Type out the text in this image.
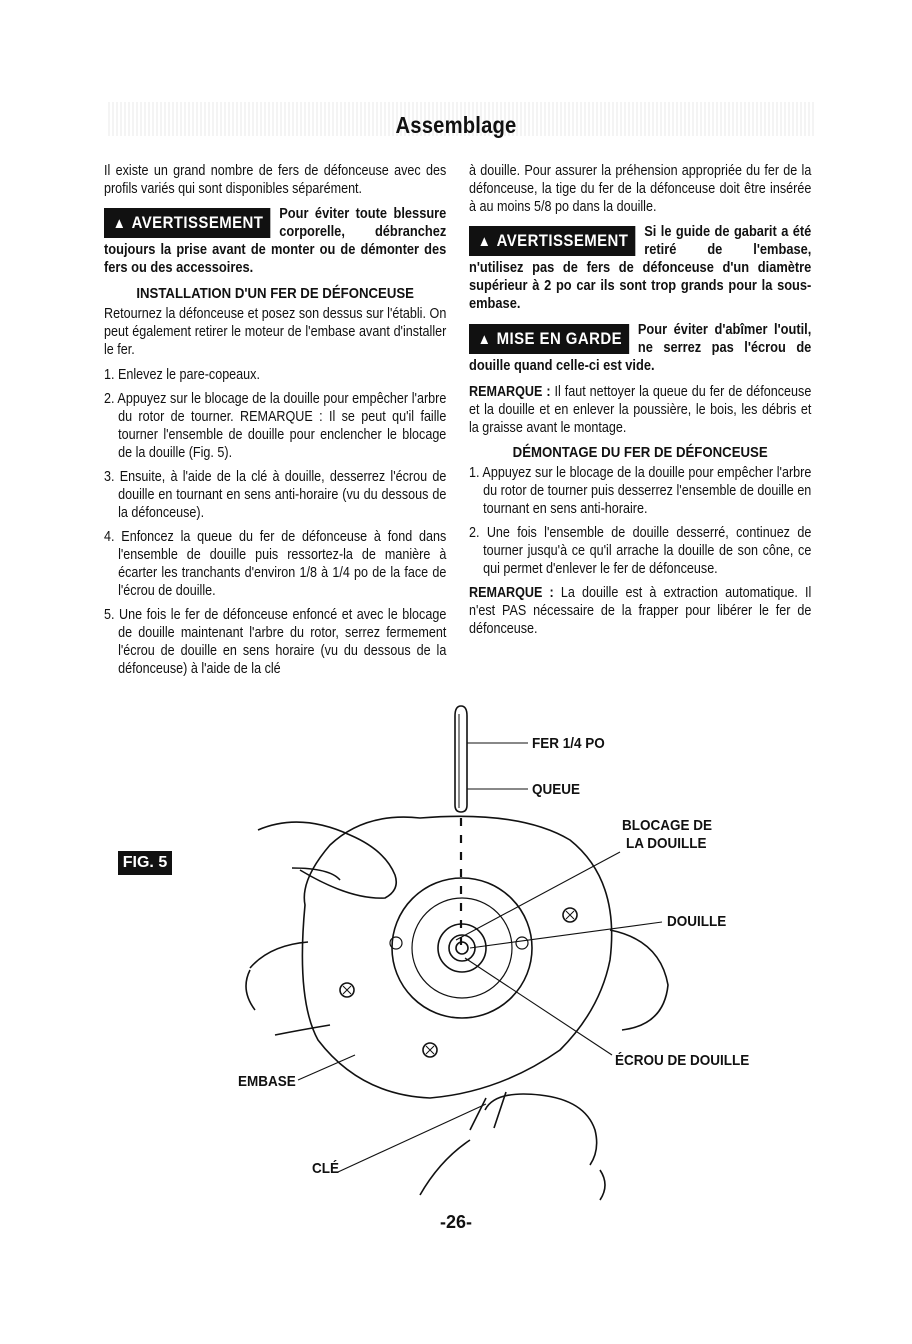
Assemblage

Il existe un grand nombre de fers de défonceuse avec des profils variés qui sont disponibles séparément.

▲ AVERTISSEMENT	Pour éviter toute blessure corporelle, débranchez toujours la prise avant de monter ou de démonter des fers ou des accessoires.
INSTALLATION D'UN FER DE DÉFONCEUSE

Retournez la défonceuse et posez son dessus sur l'établi. On peut également retirer le moteur de l'embase avant d'installer le fer.

1. Enlevez le pare-copeaux.
2. Appuyez sur le blocage de la douille pour empêcher l'arbre du rotor de tourner. REMARQUE : Il se peut qu'il faille tourner l'ensemble de douille pour enclencher le blocage de la douille (Fig. 5).
3. Ensuite, à l'aide de la clé à douille, desserrez l'écrou de douille en tournant en sens anti-horaire (vu du dessous de la défonceuse).
4. Enfoncez la queue du fer de défonceuse à fond dans l'ensemble de douille puis ressortez-la de manière à écarter les tranchants d'environ 1/8 à 1/4 po de la face de l'écrou de douille.
5. Une fois le fer de défonceuse enfoncé et avec le blocage de douille maintenant l'arbre du rotor, serrez fermement l'écrou de douille en sens horaire (vu du dessous de la défonceuse) à l'aide de la clé

à douille. Pour assurer la préhension appropriée du fer de la défonceuse, la tige du fer de la défonceuse doit être insérée à au moins 5/8 po dans la douille.

▲ AVERTISSEMENT	Si le guide de gabarit a été retiré de l'embase, n'utilisez pas de fers de défonceuse d'un diamètre supérieur à 2 po car ils sont trop grands pour la sous-embase.
▲ MISE EN GARDE	Pour éviter d'abîmer l'outil, ne serrez pas l'écrou de douille quand celle-ci est vide.

REMARQUE : Il faut nettoyer la queue du fer de défonceuse et la douille et en enlever la poussière, le bois, les débris et la graisse avant le montage.

DÉMONTAGE DU FER DE DÉFONCEUSE
1. Appuyez sur le blocage de la douille pour empêcher l'arbre du rotor de tourner puis desserrez l'ensemble de douille en tournant en sens anti-horaire.
2. Une fois l'ensemble de douille desserré, continuez de tourner jusqu'à ce qu'il arrache la douille de son cône, ce qui permet d'enlever le fer de défonceuse.

REMARQUE : La douille est à extraction automatique. Il n'est PAS nécessaire de la frapper pour libérer le fer de défonceuse.

FIG. 5
FER 1/4 PO
QUEUE
BLOCAGE DE
LA DOUILLE
DOUILLE
ÉCROU DE DOUILLE
EMBASE
CLÉ
-26-
